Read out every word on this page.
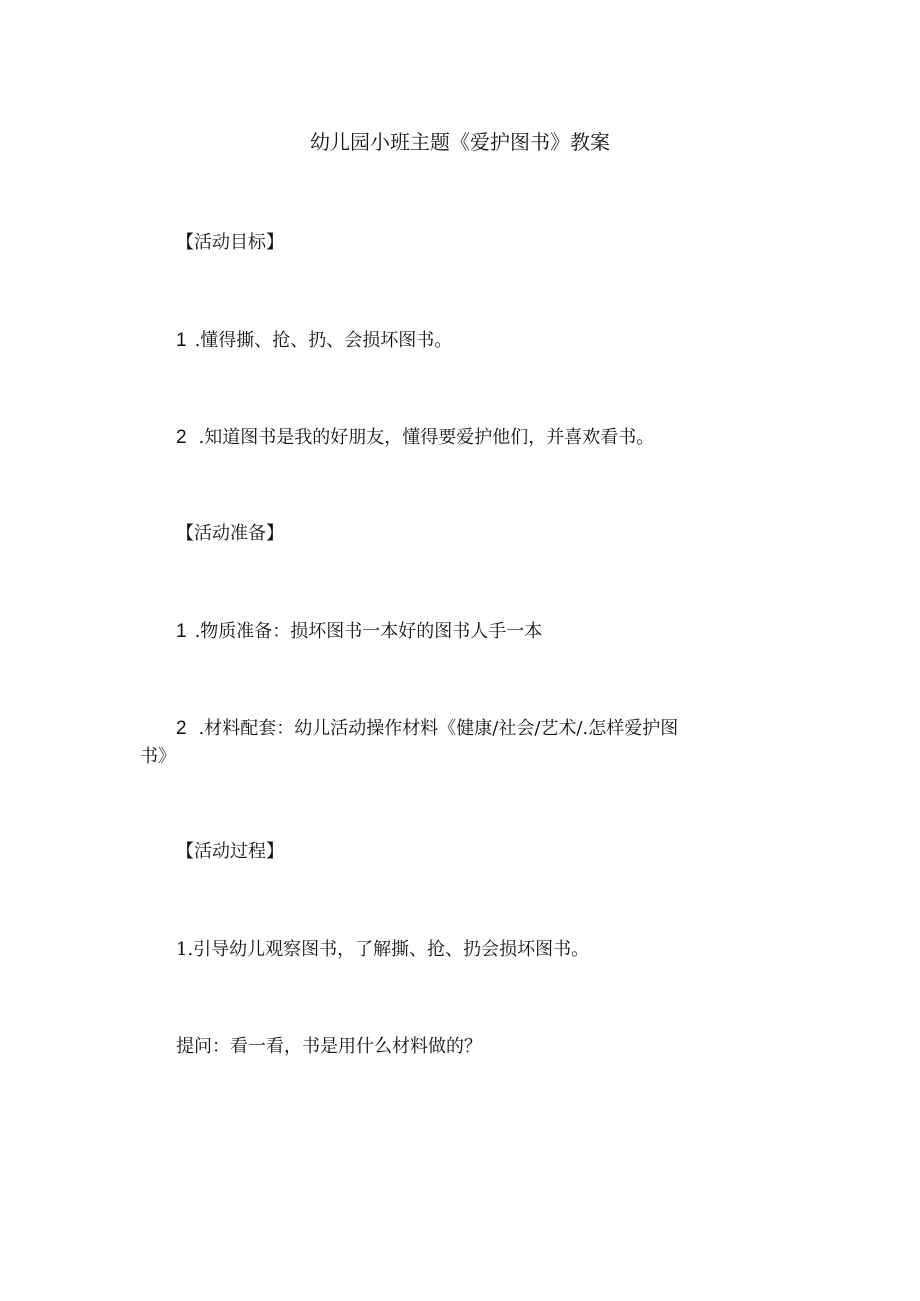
幼儿园小班主题《爱护图书》教案
【活动目标】
1 .懂得撕、抢、扔、会损坏图书。
2 .知道图书是我的好朋友，懂得要爱护他们，并喜欢看书。
【活动准备】
1 .物质准备：损坏图书一本好的图书人手一本
2 .材料配套：幼儿活动操作材料《健康/社会/艺术/.怎样爱护图
书》
【活动过程】
1.引导幼儿观察图书，了解撕、抢、扔会损坏图书。
提问：看一看，书是用什么材料做的？
